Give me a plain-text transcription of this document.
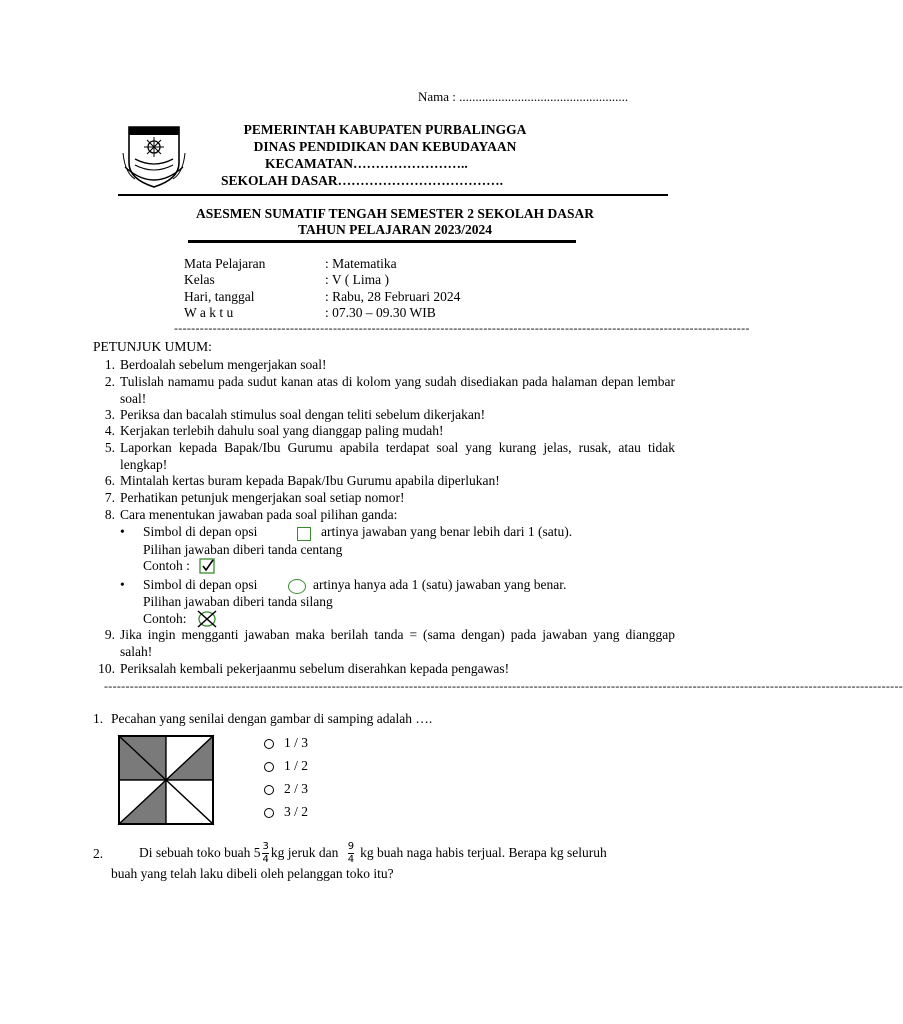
Nama : ....................................................
PEMERINTAH KABUPATEN PURBALINGGA
DINAS PENDIDIKAN DAN KEBUDAYAAN
KECAMATAN……………………..
SEKOLAH DASAR……………………………….
ASESMEN SUMATIF TENGAH SEMESTER 2 SEKOLAH DASAR
TAHUN PELAJARAN 2023/2024
Mata Pelajaran	: Matematika
Kelas	: V ( Lima )
Hari, tanggal	: Rabu, 28 Februari 2024
W a k t u	: 07.30 – 09.30 WIB
--------------------------------------------------------------------------------------------------------------------------------------
PETUNJUK UMUM:
1. Berdoalah sebelum mengerjakan soal!
2. Tulislah namamu pada sudut kanan atas di kolom yang sudah disediakan pada halaman depan lembar soal!
3. Periksa dan bacalah stimulus soal dengan teliti sebelum dikerjakan!
4. Kerjakan terlebih dahulu soal yang dianggap paling mudah!
5. Laporkan kepada Bapak/Ibu Gurumu apabila terdapat soal yang kurang jelas, rusak, atau tidak lengkap!
6. Mintalah kertas buram kepada Bapak/Ibu Gurumu apabila diperlukan!
7. Perhatikan petunjuk mengerjakan soal setiap nomor!
8. Cara menentukan jawaban pada soal pilihan ganda:
• Simbol di depan opsi	artinya jawaban yang benar lebih dari 1 (satu).
Pilihan jawaban diberi tanda centang
Contoh :
• Simbol di depan opsi	artinya hanya ada 1 (satu) jawaban yang benar.
Pilihan jawaban diberi tanda silang
Contoh:
9. Jika ingin mengganti jawaban maka berilah tanda = (sama dengan) pada jawaban yang dianggap salah!
10. Periksalah kembali pekerjaanmu sebelum diserahkan kepada pengawas!
------------------------------------------------------------------------------------------------------------------------------------------------------------------------------------------
1. Pecahan yang senilai dengan gambar di samping adalah ….
1 / 3
1 / 2
2 / 3
3 / 2
2.	Di sebuah toko buah $5 \frac{3}{4}$ kg jeruk dan $\frac{9}{4}$ kg buah naga habis terjual. Berapa kg seluruh
buah yang telah laku dibeli oleh pelanggan toko itu?
